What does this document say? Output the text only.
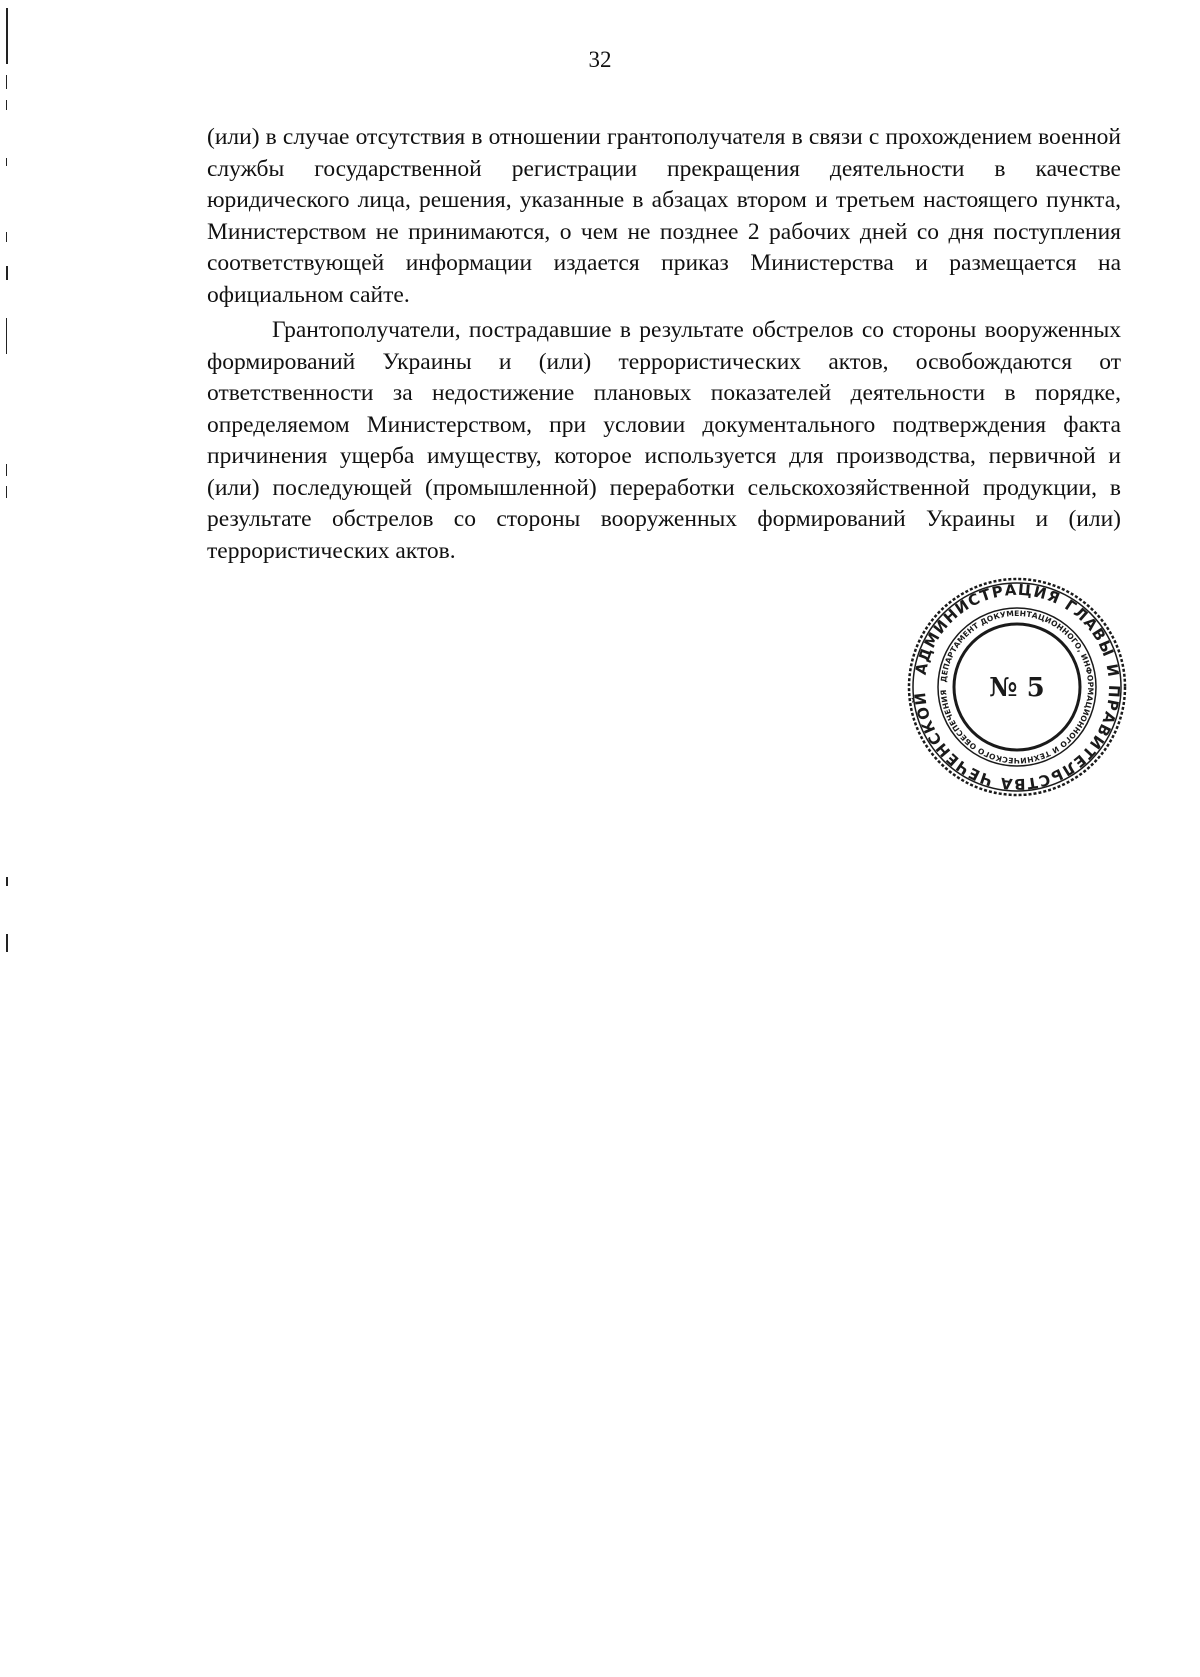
32

(или) в случае отсутствия в отношении грантополучателя в связи с прохождением военной службы государственной регистрации прекращения деятельности в качестве юридического лица, решения, указанные в абзацах втором и третьем настоящего пункта, Министерством не принимаются, о чем не позднее 2 рабочих дней со дня поступления соответствующей информации издается приказ Министерства и размещается на официальном сайте.

Грантополучатели, пострадавшие в результате обстрелов со стороны вооруженных формирований Украины и (или) террористических актов, освобождаются от ответственности за недостижение плановых показателей деятельности в порядке, определяемом Министерством, при условии документального подтверждения факта причинения ущерба имуществу, которое используется для производства, первичной и (или) последующей (промышленной) переработки сельскохозяйственной продукции, в результате обстрелов со стороны вооруженных формирований Украины и (или) террористических актов.

АДМИНИСТРАЦИЯ ГЛАВЫ И ПРАВИТЕЛЬСТВА ЧЕЧЕНСКОЙ
ДЕПАРТАМЕНТ ДОКУМЕНТАЦИОННОГО, ИНФОРМАЦИОННОГО И ТЕХНИЧЕСКОГО ОБЕСПЕЧЕНИЯ	№ 5
